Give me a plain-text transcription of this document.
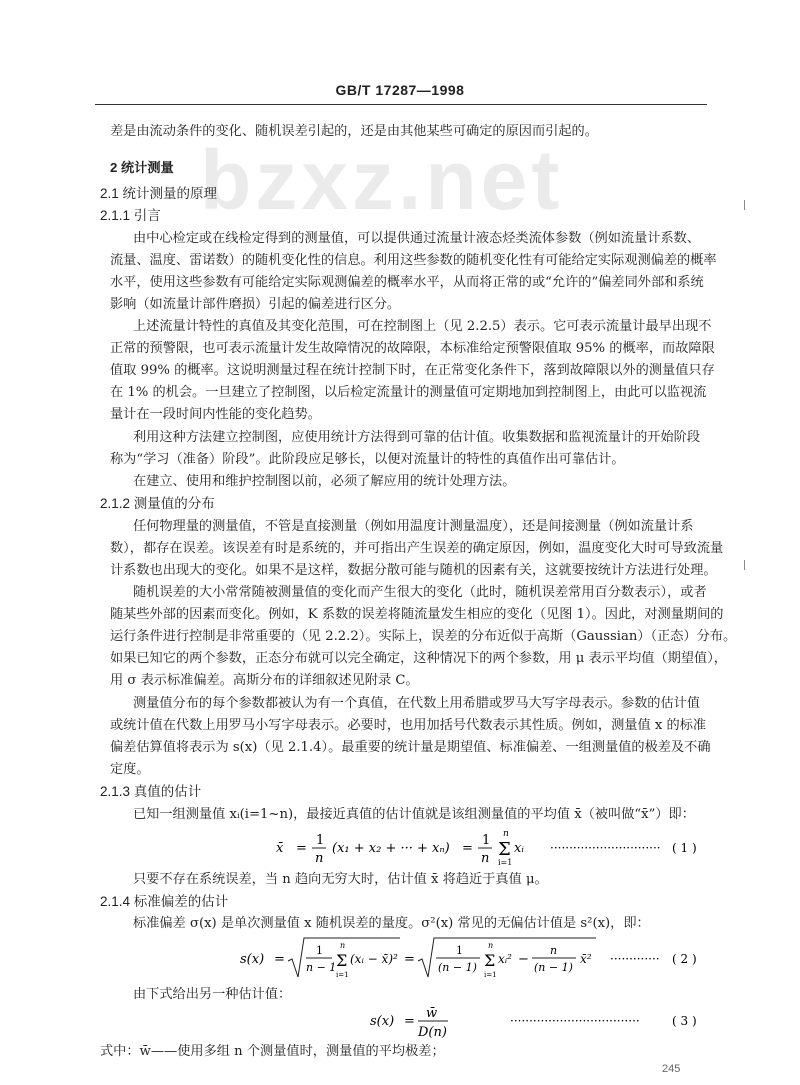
GB/T 17287—1998
bzxz.net
差是由流动条件的变化、随机误差引起的，还是由其他某些可确定的原因而引起的。
2 统计测量
2.1 统计测量的原理
2.1.1 引言
由中心检定或在线检定得到的测量值，可以提供通过流量计液态烃类流体参数（例如流量计系数、
流量、温度、雷诺数）的随机变化性的信息。利用这些参数的随机变化性有可能给定实际观测偏差的概率
水平，使用这些参数有可能给定实际观测偏差的概率水平，从而将正常的或“允许的”偏差同外部和系统
影响（如流量计部件磨损）引起的偏差进行区分。
上述流量计特性的真值及其变化范围，可在控制图上（见 2.2.5）表示。它可表示流量计最早出现不
正常的预警限，也可表示流量计发生故障情况的故障限，本标准给定预警限值取 95% 的概率，而故障限
值取 99% 的概率。这说明测量过程在统计控制下时，在正常变化条件下，落到故障限以外的测量值只存
在 1% 的机会。一旦建立了控制图，以后检定流量计的测量值可定期地加到控制图上，由此可以监视流
量计在一段时间内性能的变化趋势。
利用这种方法建立控制图，应使用统计方法得到可靠的估计值。收集数据和监视流量计的开始阶段
称为“学习（准备）阶段”。此阶段应足够长，以便对流量计的特性的真值作出可靠估计。
在建立、使用和维护控制图以前，必须了解应用的统计处理方法。
2.1.2 测量值的分布
任何物理量的测量值，不管是直接测量（例如用温度计测量温度），还是间接测量（例如流量计系
数），都存在误差。该误差有时是系统的，并可指出产生误差的确定原因，例如，温度变化大时可导致流量
计系数也出现大的变化。如果不是这样，数据分散可能与随机的因素有关，这就要按统计方法进行处理。
随机误差的大小常常随被测量值的变化而产生很大的变化（此时，随机误差常用百分数表示），或者
随某些外部的因素而变化。例如，K 系数的误差将随流量发生相应的变化（见图 1）。因此，对测量期间的
运行条件进行控制是非常重要的（见 2.2.2）。实际上，误差的分布近似于高斯（Gaussian）（正态）分布。
如果已知它的两个参数，正态分布就可以完全确定，这种情况下的两个参数，用 μ 表示平均值（期望值），
用 σ 表示标准偏差。高斯分布的详细叙述见附录 C。
测量值分布的每个参数都被认为有一个真值，在代数上用希腊或罗马大写字母表示。参数的估计值
或统计值在代数上用罗马小写字母表示。必要时，也用加括号代数表示其性质。例如，测量值 x 的标准
偏差估算值将表示为 s(x)（见 2.1.4）。最重要的统计量是期望值、标准偏差、一组测量值的极差及不确
定度。
2.1.3 真值的估计
已知一组测量值 xᵢ(i=1~n)，最接近真值的估计值就是该组测量值的平均值 x̄（被叫做“x̄”）即：
x̄ =
1
n
(x₁ + x₂ + ··· + xₙ) =
1
n
n
Σ
i=1
xᵢ ····························· ( 1 )
只要不存在系统误差，当 n 趋向无穷大时，估计值 x̄ 将趋近于真值 μ。
2.1.4 标准偏差的估计
标准偏差 σ(x) 是单次测量值 x 随机误差的量度。σ²(x) 常见的无偏估计值是 s²(x)，即：
s(x) =
1
n − 1
n
Σ
i=1
(xᵢ − x̄)² =
1
(n − 1)
n
Σ
i=1
xᵢ² −
n
(n − 1)
x̄² ············· ( 2 )
由下式给出另一种估计值：
s(x) =
w̄
D(n)
··································	( 3 )
式中：w̄——使用多组 n 个测量值时，测量值的平均极差；
245
